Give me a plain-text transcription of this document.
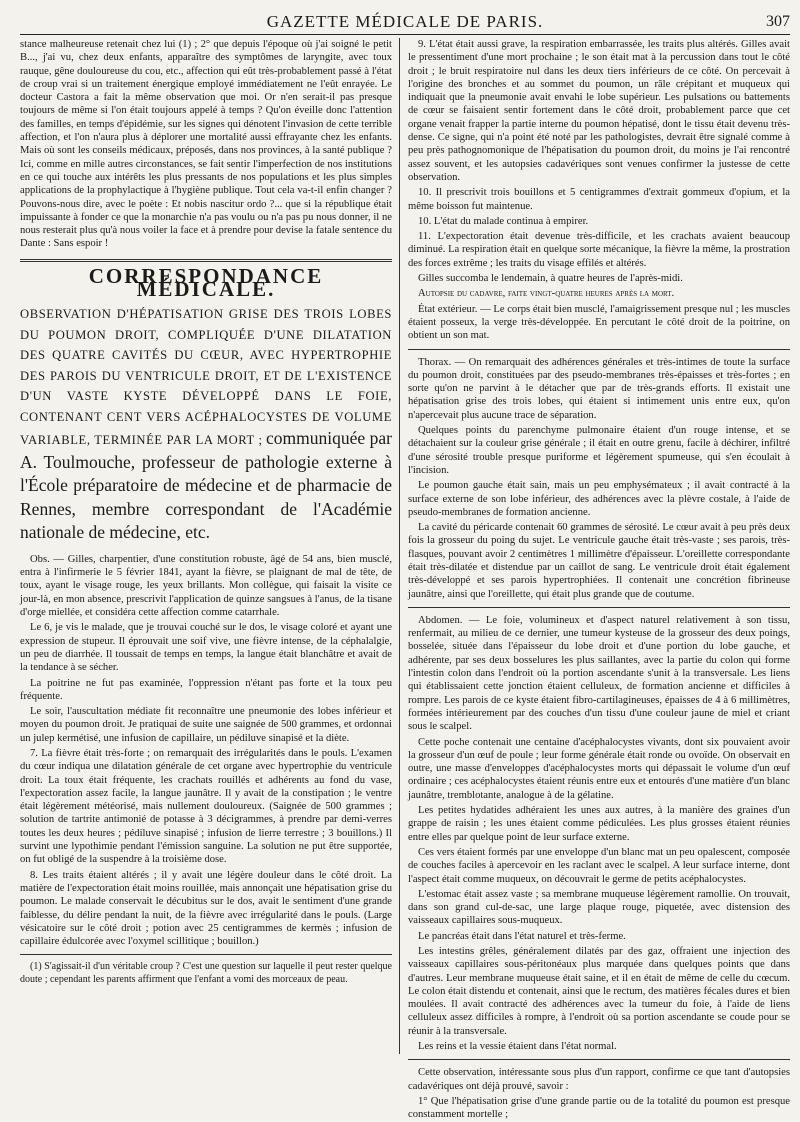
GAZETTE MÉDICALE DE PARIS.	307

stance malheureuse retenait chez lui (1) ; 2° que depuis l'époque où j'ai soigné le petit B..., j'ai vu, chez deux enfants, apparaître des symptômes de laryngite, avec toux rauque, gêne douloureuse du cou, etc., affection qui eût très-probablement passé à l'état de croup vrai si un traitement énergique employé immédiatement ne l'eût enrayée. Le docteur Castora a fait la même observation que moi. Or n'en serait-il pas presque toujours de même si l'on était toujours appelé à temps ? Qu'on éveille donc l'attention des familles, en temps d'épidémie, sur les signes qui dénotent l'invasion de cette terrible affection, et l'on n'aura plus à déplorer une mortalité aussi effrayante chez les enfants. Mais où sont les conseils médicaux, préposés, dans nos provinces, à la santé publique ? Ici, comme en mille autres circonstances, se fait sentir l'imperfection de nos institutions en ce qui touche aux intérêts les plus pressants de nos populations et les plus simples applications de la prophylactique à l'hygiène publique. Tout cela va-t-il enfin changer ? Pouvons-nous dire, avec le poète : Et nobis nascitur ordo ?... que si la république était impuissante à fonder ce que la monarchie n'a pas voulu ou n'a pas pu nous donner, il ne nous resterait plus qu'à nous voiler la face et à prendre pour devise la fatale sentence du Dante : Sans espoir !

CORRESPONDANCE MÉDICALE.
OBSERVATION D'HÉPATISATION GRISE DES TROIS LOBES DU POUMON DROIT, COMPLIQUÉE D'UNE DILATATION DES QUATRE CAVITÉS DU CŒUR, AVEC HYPERTROPHIE DES PAROIS DU VENTRICULE DROIT, ET DE L'EXISTENCE D'UN VASTE KYSTE DÉVELOPPÉ DANS LE FOIE, CONTENANT CENT VERS ACÉPHALOCYSTES DE VOLUME VARIABLE, TERMINÉE PAR LA MORT ; communiquée par A. Toulmouche, professeur de pathologie externe à l'École préparatoire de médecine et de pharmacie de Rennes, membre correspondant de l'Académie nationale de médecine, etc.

Obs. — Gilles, charpentier, d'une constitution robuste, âgé de 54 ans, bien musclé, entra à l'infirmerie le 5 février 1841, ayant la fièvre, se plaignant de mal de tête, de toux, ayant le visage rouge, les yeux brillants. Mon collègue, qui faisait la visite ce jour-là, en mon absence, prescrivit l'application de quinze sangsues à l'anus, de la tisane d'orge miellée, et considéra cette affection comme catarrhale.

Le 6, je vis le malade, que je trouvai couché sur le dos, le visage coloré et ayant une expression de stupeur. Il éprouvait une soif vive, une fièvre intense, de la céphalalgie, un peu de diarrhée. Il toussait de temps en temps, la langue était blanchâtre et avait de la tendance à se sécher.

La poitrine ne fut pas examinée, l'oppression n'étant pas forte et la toux peu fréquente.

Le soir, l'auscultation médiate fit reconnaître une pneumonie des lobes inférieur et moyen du poumon droit. Je pratiquai de suite une saignée de 500 grammes, et ordonnai un julep kermétisé, une infusion de capillaire, un pédiluve sinapisé et la diète.

7. La fièvre était très-forte ; on remarquait des irrégularités dans le pouls. L'examen du cœur indiqua une dilatation générale de cet organe avec hypertrophie du ventricule droit. La toux était fréquente, les crachats rouillés et adhérents au fond du vase, l'expectoration assez facile, la langue jaunâtre. Il y avait de la constipation ; le ventre était légèrement météorisé, mais nullement douloureux. (Saignée de 500 grammes ; solution de tartrite antimonié de potasse à 3 décigrammes, à prendre par demi-verres toutes les deux heures ; pédiluve sinapisé ; infusion de lierre terrestre ; 3 bouillons.) Il survint une lypothimie pendant l'émission sanguine. La solution ne put être supportée, on fut obligé de la suspendre à la troisième dose.

8. Les traits étaient altérés ; il y avait une légère douleur dans le côté droit. La matière de l'expectoration était moins rouillée, mais annonçait une hépatisation grise du poumon. Le malade conservait le décubitus sur le dos, avait le sentiment d'une grande faiblesse, du délire pendant la nuit, de la fièvre avec irrégularité dans le pouls. (Large vésicatoire sur le côté droit ; potion avec 25 centigrammes de kermès ; infusion de capillaire édulcorée avec l'oxymel scillitique ; bouillon.)

(1) S'agissait-il d'un véritable croup ? C'est une question sur laquelle il peut rester quelque doute ; cependant les parents affirment que l'enfant a vomi des morceaux de peau.

9. L'état était aussi grave, la respiration embarrassée, les traits plus altérés. Gilles avait le pressentiment d'une mort prochaine ; le son était mat à la percussion dans tout le côté droit ; le bruit respiratoire nul dans les deux tiers inférieurs de ce côté. On percevait à l'origine des bronches et au sommet du poumon, un râle crépitant et muqueux qui indiquait que la pneumonie avait envahi le lobe supérieur. Les pulsations ou battements de cœur se faisaient sentir fortement dans le côté droit, probablement parce que cet organe venait frapper la partie interne du poumon hépatisé, dont le tissu était devenu très-dense. Ce signe, qui n'a point été noté par les pathologistes, devrait être signalé comme à peu près pathognomonique de l'hépatisation du poumon droit, du moins je l'ai rencontré assez souvent, et les autopsies cadavériques sont venues confirmer la justesse de cette observation.

10. Il prescrivit trois bouillons et 5 centigrammes d'extrait gommeux d'opium, et la même boisson fut maintenue.

10. L'état du malade continua à empirer.

11. L'expectoration était devenue très-difficile, et les crachats avaient beaucoup diminué. La respiration était en quelque sorte mécanique, la fièvre la même, la prostration des forces extrême ; les traits du visage effilés et altérés.

Gilles succomba le lendemain, à quatre heures de l'après-midi.

Autopsie du cadavre, faite vingt-quatre heures après la mort.

État extérieur. — Le corps était bien musclé, l'amaigrissement presque nul ; les muscles étaient posseux, la verge très-développée. En percutant le côté droit de la poitrine, on obtient un son mat.

Thorax. — On remarquait des adhérences générales et très-intimes de toute la surface du poumon droit, constituées par des pseudo-membranes très-épaisses et très-fortes ; en sorte qu'on ne parvint à le détacher que par de très-grands efforts. Il existait une hépatisation grise des trois lobes, qui étaient si intimement unis entre eux, qu'on n'apercevait plus aucune trace de séparation.

Quelques points du parenchyme pulmonaire étaient d'un rouge intense, et se détachaient sur la couleur grise générale ; il était en outre grenu, facile à déchirer, infiltré d'une sérosité trouble presque puriforme et légèrement spumeuse, qui s'en écoulait à l'incision.

Le poumon gauche était sain, mais un peu emphysémateux ; il avait contracté à la surface externe de son lobe inférieur, des adhérences avec la plèvre costale, à l'aide de pseudo-membranes de formation ancienne.

La cavité du péricarde contenait 60 grammes de sérosité. Le cœur avait à peu près deux fois la grosseur du poing du sujet. Le ventricule gauche était très-vaste ; ses parois, très-flasques, pouvant avoir 2 centimètres 1 millimètre d'épaisseur. L'oreillette correspondante était très-dilatée et distendue par un caillot de sang. Le ventricule droit était également très-développé et ses parois hypertrophiées. Il contenait une concrétion fibrineuse jaunâtre, ainsi que l'oreillette, qui était plus grande que de coutume.

Abdomen. — Le foie, volumineux et d'aspect naturel relativement à son tissu, renfermait, au milieu de ce dernier, une tumeur kysteuse de la grosseur des deux poings, bosselée, située dans l'épaisseur du lobe droit et d'une portion du lobe gauche, et adhérente, par ses deux bosselures les plus saillantes, avec la partie du colon qui forme l'intestin colon dans l'endroit où la portion ascendante s'unit à la transversale. Les liens qui établissaient cette jonction étaient celluleux, de formation ancienne et difficiles à rompre. Les parois de ce kyste étaient fibro-cartilagineuses, épaisses de 4 à 6 millimètres, formées intérieurement par des couches d'un tissu d'une couleur jaune de miel et criant sous le scalpel.

Cette poche contenait une centaine d'acéphalocystes vivants, dont six pouvaient avoir la grosseur d'un œuf de poule ; leur forme générale était ronde ou ovoïde. On observait en outre, une masse d'enveloppes d'acéphalocystes morts qui dépassait le volume d'un œuf ordinaire ; ces acéphalocystes étaient réunis entre eux et entourés d'une matière d'un blanc jaunâtre, tremblotante, analogue à de la gélatine.

Les petites hydatides adhéraient les unes aux autres, à la manière des graines d'un grappe de raisin ; les unes étaient comme pédiculées. Les plus grosses étaient réunies entre elles par quelque point de leur surface externe.

Ces vers étaient formés par une enveloppe d'un blanc mat un peu opalescent, composée de couches faciles à apercevoir en les raclant avec le scalpel. A leur surface interne, dont l'aspect était comme muqueux, on découvrait le germe de petits acéphalocystes.

L'estomac était assez vaste ; sa membrane muqueuse légèrement ramollie. On trouvait, dans son grand cul-de-sac, une large plaque rouge, piquetée, avec distension des vaisseaux capillaires sous-muqueux.

Le pancréas était dans l'état naturel et très-ferme.

Les intestins grêles, généralement dilatés par des gaz, offraient une injection des vaisseaux capillaires sous-péritonéaux plus marquée dans quelques points que dans d'autres. Leur membrane muqueuse était saine, et il en était de même de celle du cœcum. Le colon était distendu et contenait, ainsi que le rectum, des matières fécales dures et bien moulées. Il avait contracté des adhérences avec la tumeur du foie, à l'aide de liens celluleux assez difficiles à rompre, à l'endroit où sa portion ascendante se coude pour se réunir à la transversale.

Les reins et la vessie étaient dans l'état normal.

Cette observation, intéressante sous plus d'un rapport, confirme ce que tant d'autopsies cadavériques ont déjà prouvé, savoir :

1° Que l'hépatisation grise d'une grande partie ou de la totalité du poumon est presque constamment mortelle ;
